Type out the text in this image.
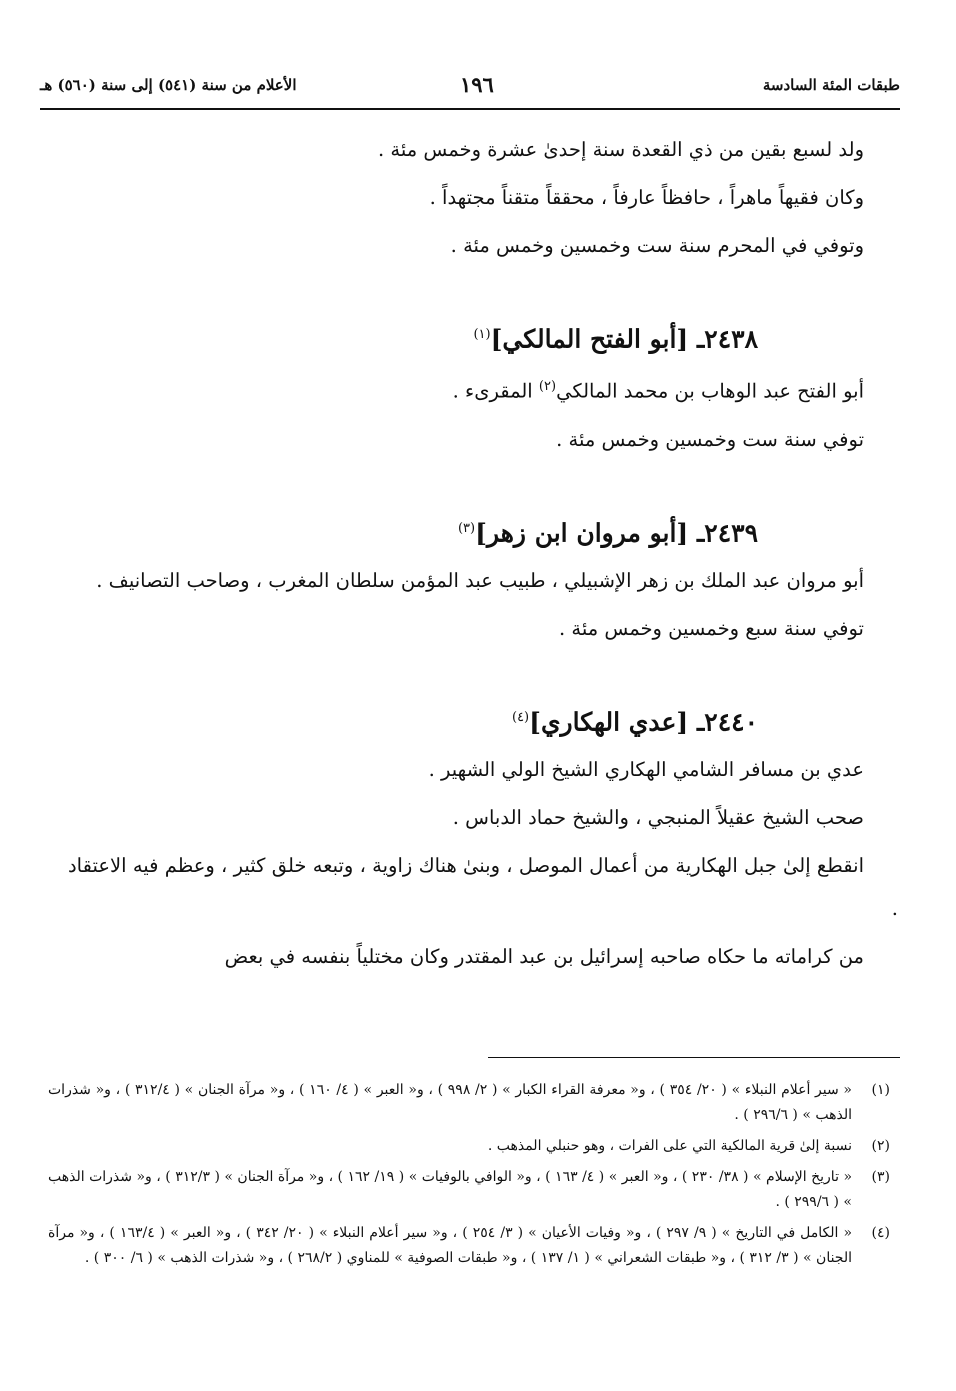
طبقات المئة السادسة
١٩٦
الأعلام من سنة (٥٤١) إلى سنة (٥٦٠) هـ

ولد لسبع بقين من ذي القعدة سنة إحدىٰ عشرة وخمس مئة .

وكان فقيهاً ماهراً ، حافظاً عارفاً ، محققاً متقناً مجتهداً .

وتوفي في المحرم سنة ست وخمسين وخمس مئة .

٢٤٣٨ـ [أبو الفتح المالكي]$^{(١)}$

أبو الفتح عبد الوهاب بن محمد المالكي$^{(٢)}$ المقرىء .

توفي سنة ست وخمسين وخمس مئة .

٢٤٣٩ـ [أبو مروان ابن زهر]$^{(٣)}$

أبو مروان عبد الملك بن زهر الإشبيلي ، طبيب عبد المؤمن سلطان المغرب ، وصاحب التصانيف .

توفي سنة سبع وخمسين وخمس مئة .

٢٤٤٠ـ [عدي الهكاري]$^{(٤)}$

عدي بن مسافر الشامي الهكاري الشيخ الولي الشهير .

صحب الشيخ عقيلاً المنبجي ، والشيخ حماد الدباس .

انقطع إلىٰ جبل الهكارية من أعمال الموصل ، وبنىٰ هناك زاوية ، وتبعه خلق كثير ، وعظم فيه الاعتقاد .

من كراماته ما حكاه صاحبه إسرائيل بن عبد المقتدر وكان مختلياً بنفسه في بعض

(١)
« سير أعلام النبلاء » ( ٢٠/ ٣٥٤ ) ، و« معرفة القراء الكبار » ( ٢/ ٩٩٨ ) ، و« العبر » ( ٤/ ١٦٠ ) ، و« مرآة الجنان » ( ٣١٢/٤ ) ، و« شذرات الذهب » ( ٢٩٦/٦ ) .
(٢)
نسبة إلىٰ قرية المالكية التي على الفرات ، وهو حنبلي المذهب .
(٣)
« تاريخ الإسلام » ( ٣٨/ ٢٣٠ ) ، و« العبر » ( ٤/ ١٦٣ ) ، و« الوافي بالوفيات » ( ١٩/ ١٦٢ ) ، و« مرآة الجنان » ( ٣١٢/٣ ) ، و« شذرات الذهب » ( ٢٩٩/٦ ) .
(٤)
« الكامل في التاريخ » ( ٩/ ٢٩٧ ) ، و« وفيات الأعيان » ( ٣/ ٢٥٤ ) ، و« سير أعلام النبلاء » ( ٢٠/ ٣٤٢ ) ، و« العبر » ( ١٦٣/٤ ) ، و« مرآة الجنان » ( ٣/ ٣١٢ ) ، و« طبقات الشعراني » ( ١/ ١٣٧ ) ، و« طبقات الصوفية » للمناوي ( ٢٦٨/٢ ) ، و« شذرات الذهب » ( ٦/ ٣٠٠ ) .
